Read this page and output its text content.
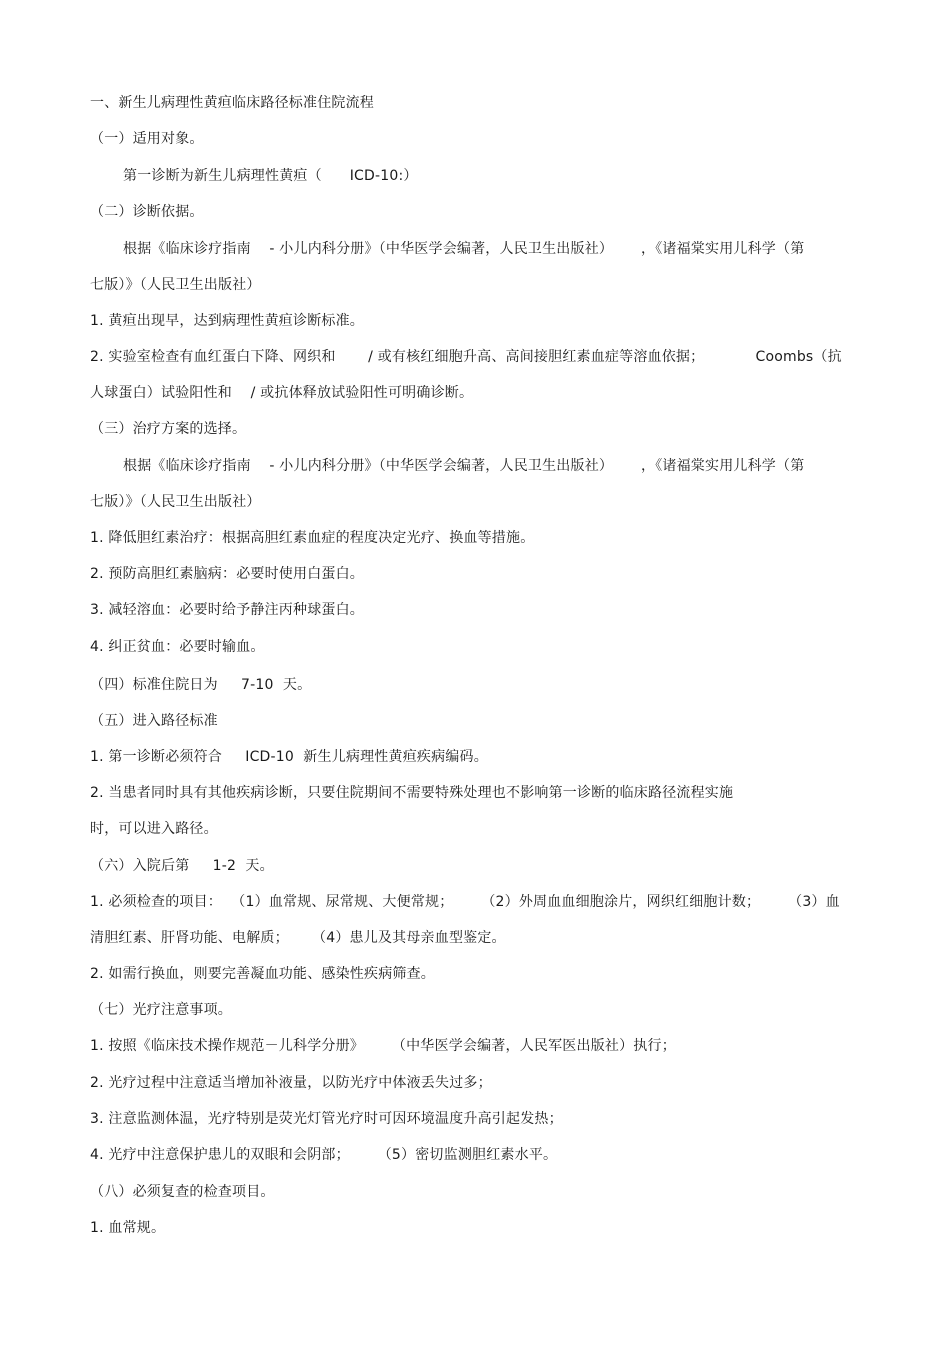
一、新生儿病理性黄疸临床路径标准住院流程
（一）适用对象。
第一诊断为新生儿病理性黄疸（      ICD-10:）
（二）诊断依据。
根据《临床诊疗指南    - 小儿内科分册》（中华医学会编著，人民卫生出版社）      ，《诸福棠实用儿科学（第
七版）》（人民卫生出版社）
1. 黄疸出现早，达到病理性黄疸诊断标准。
2. 实验室检查有血红蛋白下降、网织和       / 或有核红细胞升高、高间接胆红素血症等溶血依据；           Coombs（抗
人球蛋白）试验阳性和    / 或抗体释放试验阳性可明确诊断。
（三）治疗方案的选择。
根据《临床诊疗指南    - 小儿内科分册》（中华医学会编著，人民卫生出版社）      ，《诸福棠实用儿科学（第
七版）》（人民卫生出版社）
1. 降低胆红素治疗：根据高胆红素血症的程度决定光疗、换血等措施。
2. 预防高胆红素脑病：必要时使用白蛋白。
3. 减轻溶血：必要时给予静注丙种球蛋白。
4. 纠正贫血：必要时输血。
（四）标准住院日为     7-10  天。
（五）进入路径标准
1. 第一诊断必须符合     ICD-10  新生儿病理性黄疸疾病编码。
2. 当患者同时具有其他疾病诊断，只要住院期间不需要特殊处理也不影响第一诊断的临床路径流程实施
时，可以进入路径。
（六）入院后第     1-2  天。
1. 必须检查的项目：  （1）血常规、尿常规、大便常规；      （2）外周血血细胞涂片，网织红细胞计数；      （3）血
清胆红素、肝肾功能、电解质；     （4）患儿及其母亲血型鉴定。
2. 如需行换血，则要完善凝血功能、感染性疾病筛查。
（七）光疗注意事项。
1. 按照《临床技术操作规范－儿科学分册》      （中华医学会编著，人民军医出版社）执行；
2. 光疗过程中注意适当增加补液量，以防光疗中体液丢失过多；
3. 注意监测体温，光疗特别是荧光灯管光疗时可因环境温度升高引起发热；
4. 光疗中注意保护患儿的双眼和会阴部；      （5）密切监测胆红素水平。
（八）必须复查的检查项目。
1. 血常规。
